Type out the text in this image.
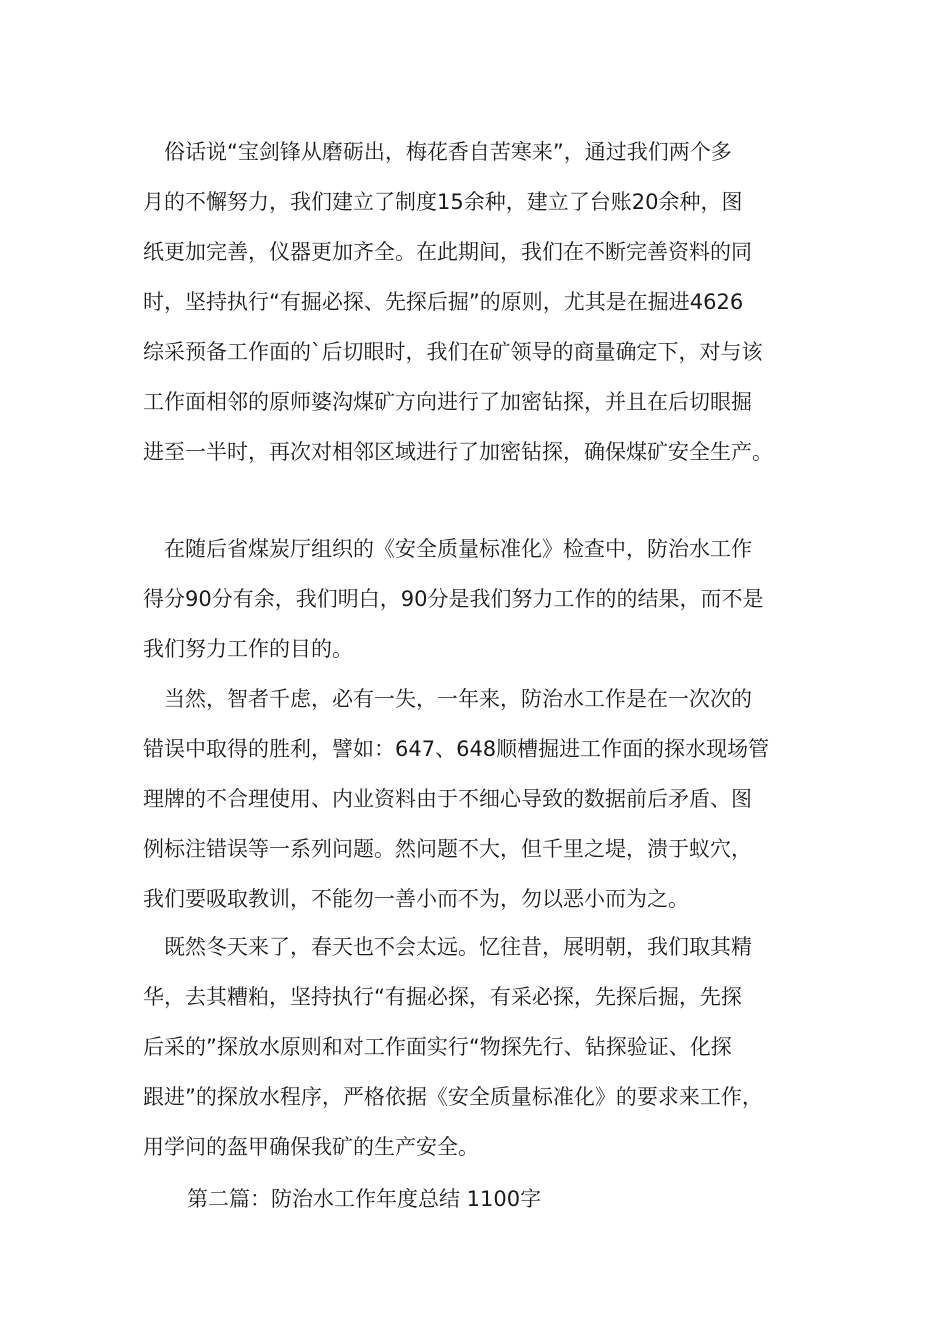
　俗话说“宝剑锋从磨砺出，梅花香自苦寒来”，通过我们两个多
月的不懈努力，我们建立了制度15余种，建立了台账20余种，图
纸更加完善，仪器更加齐全。在此期间，我们在不断完善资料的同
时，坚持执行“有掘必探、先探后掘”的原则，尤其是在掘进4626
综采预备工作面的`后切眼时，我们在矿领导的商量确定下，对与该
工作面相邻的原师婆沟煤矿方向进行了加密钻探，并且在后切眼掘
进至一半时，再次对相邻区域进行了加密钻探，确保煤矿安全生产。
　在随后省煤炭厅组织的《安全质量标准化》检查中，防治水工作
得分90分有余，我们明白，90分是我们努力工作的的结果，而不是
我们努力工作的目的。
　当然，智者千虑，必有一失，一年来，防治水工作是在一次次的
错误中取得的胜利，譬如：647、648顺槽掘进工作面的探水现场管
理牌的不合理使用、内业资料由于不细心导致的数据前后矛盾、图
例标注错误等一系列问题。然问题不大，但千里之堤，溃于蚁穴，
我们要吸取教训，不能勿一善小而不为，勿以恶小而为之。
　既然冬天来了，春天也不会太远。忆往昔，展明朝，我们取其精
华，去其糟粕，坚持执行“有掘必探，有采必探，先探后掘，先探
后采的”探放水原则和对工作面实行“物探先行、钻探验证、化探
跟进”的探放水程序，严格依据《安全质量标准化》的要求来工作，
用学问的盔甲确保我矿的生产安全。
第二篇：防治水工作年度总结 1100字
